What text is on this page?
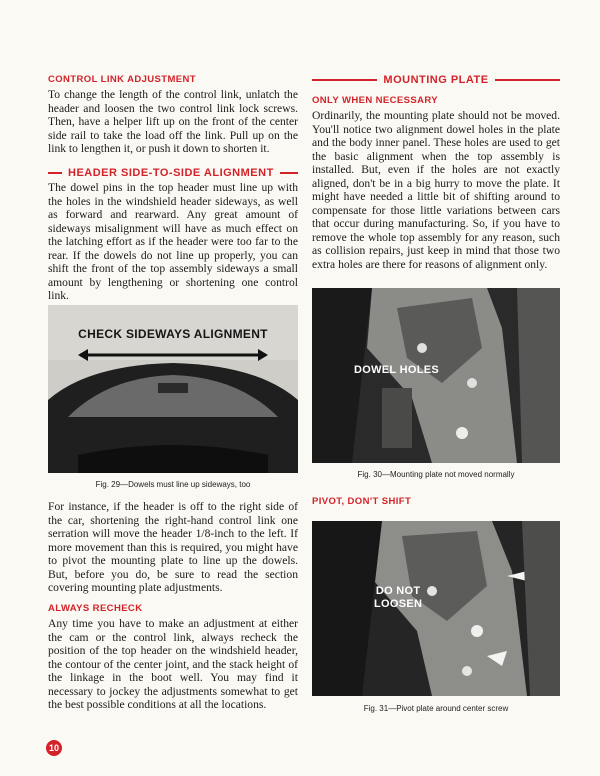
CONTROL LINK ADJUSTMENT

To change the length of the control link, unlatch the header and loosen the two control link lock screws. Then, have a helper lift up on the front of the center side rail to take the load off the link. Pull up on the link to lengthen it, or push it down to shorten it.

HEADER SIDE-TO-SIDE ALIGNMENT

The dowel pins in the top header must line up with the holes in the windshield header sideways, as well as forward and rearward. Any great amount of sideways misalignment will have as much effect on the latching effort as if the header were too far to the rear. If the dowels do not line up properly, you can shift the front of the top assembly sideways a small amount by lengthening or shortening one control link.

CHECK SIDEWAYS ALIGNMENT
Fig. 29—Dowels must line up sideways, too

For instance, if the header is off to the right side of the car, shortening the right-hand control link one serration will move the header 1/8-inch to the left. If more movement than this is required, you might have to pivot the mounting plate to line up the dowels. But, before you do, be sure to read the section covering mounting plate adjustments.

ALWAYS RECHECK

Any time you have to make an adjustment at either the cam or the control link, always recheck the position of the top header on the windshield header, the contour of the center joint, and the stack height of the linkage in the boot well. You may find it necessary to jockey the adjustments somewhat to get the best possible conditions at all the locations.

MOUNTING PLATE
ONLY WHEN NECESSARY

Ordinarily, the mounting plate should not be moved. You'll notice two alignment dowel holes in the plate and the body inner panel. These holes are used to get the basic alignment when the top assembly is installed. But, even if the holes are not exactly aligned, don't be in a big hurry to move the plate. It might have needed a little bit of shifting around to compensate for those little variations between cars that occur during manufacturing. So, if you have to remove the whole top assembly for any reason, such as collision repairs, just keep in mind that those two extra holes are there for reasons of alignment only.

DOWEL HOLES
Fig. 30—Mounting plate not moved normally
PIVOT, DON'T SHIFT
DO NOT
LOOSEN
Fig. 31—Pivot plate around center screw
10
